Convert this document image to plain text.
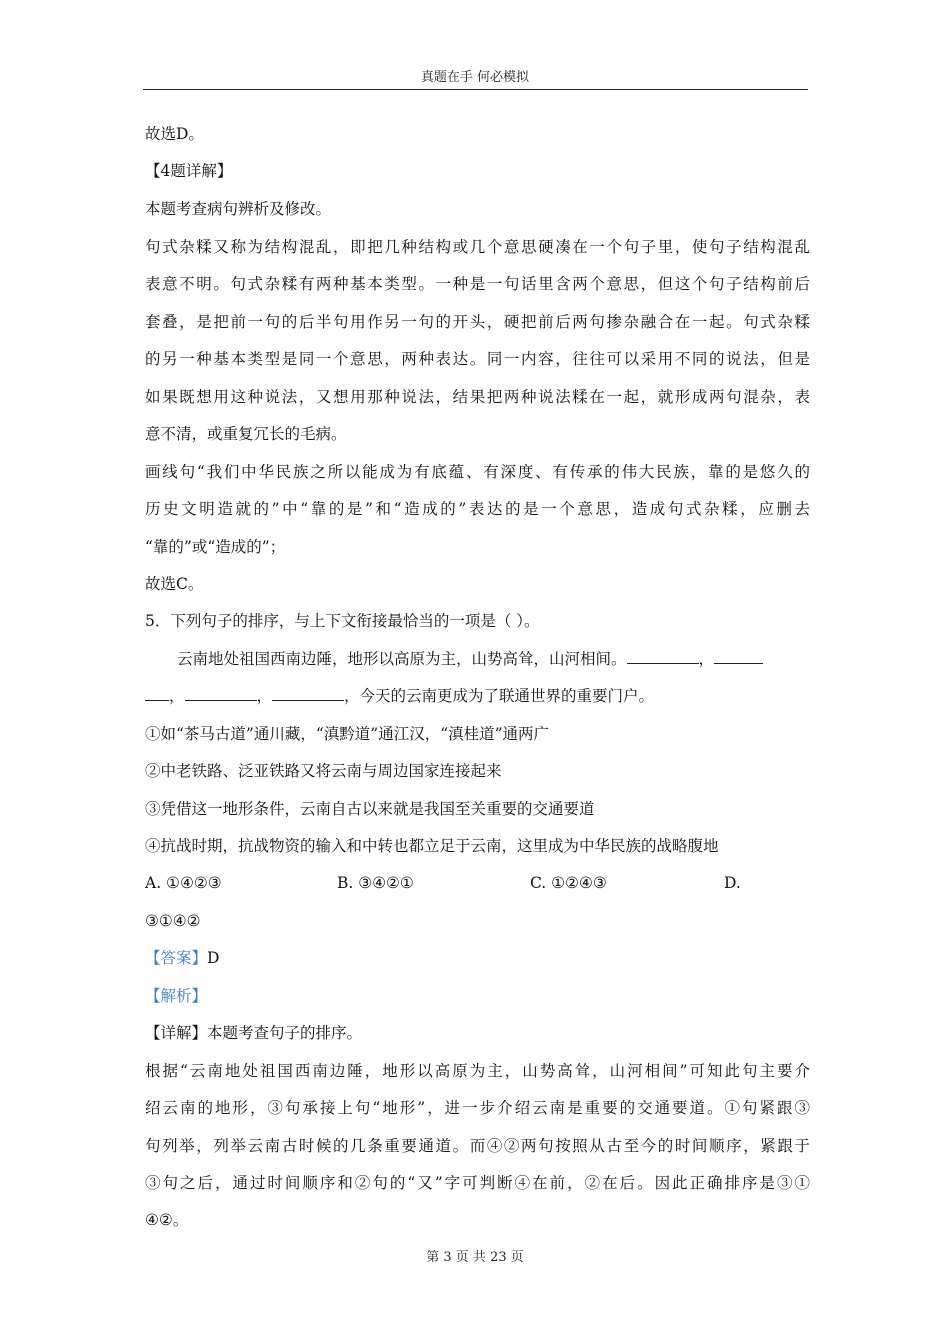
真题在手 何必模拟
故选D。
【4题详解】
本题考查病句辨析及修改。
句式杂糅又称为结构混乱，即把几种结构或几个意思硬凑在一个句子里，使句子结构混乱
表意不明。句式杂糅有两种基本类型。一种是一句话里含两个意思，但这个句子结构前后
套叠，是把前一句的后半句用作另一句的开头，硬把前后两句掺杂融合在一起。句式杂糅
的另一种基本类型是同一个意思，两种表达。同一内容，往往可以采用不同的说法，但是
如果既想用这种说法，又想用那种说法，结果把两种说法糅在一起，就形成两句混杂，表
意不清，或重复冗长的毛病。
画线句“我们中华民族之所以能成为有底蕴、有深度、有传承的伟大民族，靠的是悠久的
历史文明造就的”中“靠的是”和“造成的”表达的是一个意思，造成句式杂糅，应删去
“靠的”或“造成的”；
故选C。
5．下列句子的排序，与上下文衔接最恰当的一项是（ ）。
云南地处祖国西南边陲，地形以高原为主，山势高耸，山河相间。	，
，	，	，今天的云南更成为了联通世界的重要门户。
①如“茶马古道”通川藏，“滇黔道”通江汉，“滇桂道”通两广
②中老铁路、泛亚铁路又将云南与周边国家连接起来
③凭借这一地形条件，云南自古以来就是我国至关重要的交通要道
④抗战时期，抗战物资的输入和中转也都立足于云南，这里成为中华民族的战略腹地
A. ①④②③	B. ③④②①	C. ①②④③	D.
③①④②
【答案】D
【解析】
【详解】本题考查句子的排序。
根据“云南地处祖国西南边陲，地形以高原为主，山势高耸，山河相间”可知此句主要介
绍云南的地形，③句承接上句“地形”，进一步介绍云南是重要的交通要道。①句紧跟③
句列举，列举云南古时候的几条重要通道。而④②两句按照从古至今的时间顺序，紧跟于
③句之后，通过时间顺序和②句的“又”字可判断④在前，②在后。因此正确排序是③①
④②。
第 3 页 共 23 页
